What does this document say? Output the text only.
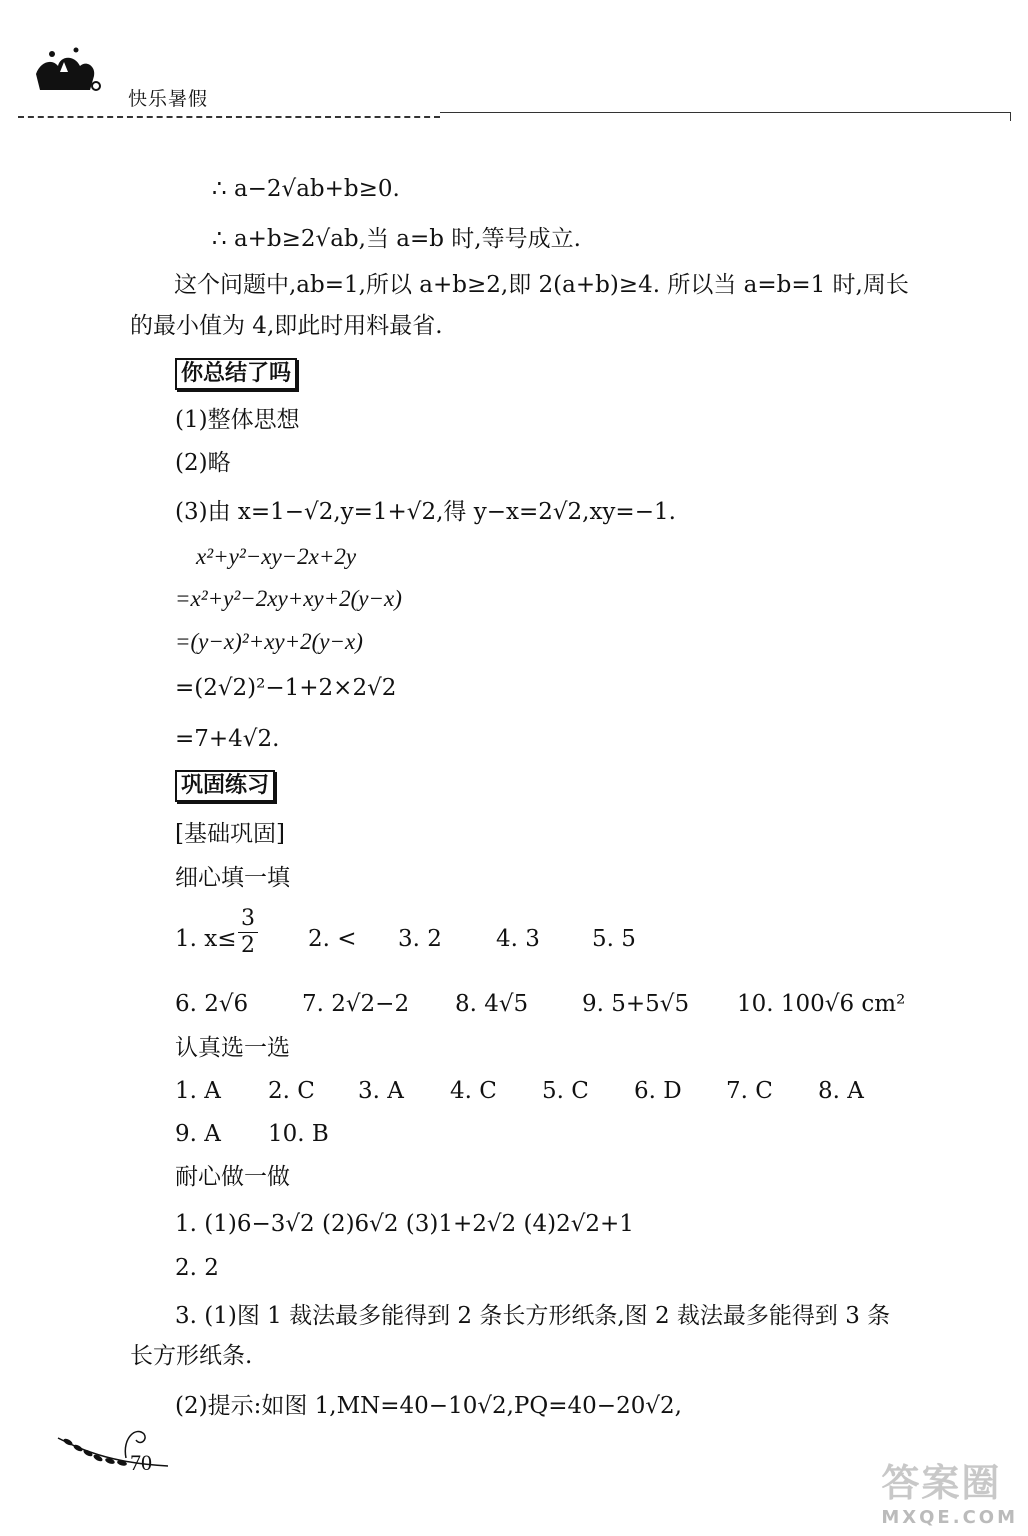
快乐暑假
∴ a−2√ab+b≥0.
∴ a+b≥2√ab,当 a=b 时,等号成立.
这个问题中,ab=1,所以 a+b≥2,即 2(a+b)≥4. 所以当 a=b=1 时,周长
的最小值为 4,即此时用料最省.
你总结了吗
(1)整体思想
(2)略
(3)由 x=1−√2,y=1+√2,得 y−x=2√2,xy=−1.
x²+y²−xy−2x+2y
=x²+y²−2xy+xy+2(y−x)
=(y−x)²+xy+2(y−x)
=(2√2)²−1+2×2√2
=7+4√2.
巩固练习
[基础巩固]
细心填一填
1. $x\le \frac{3}{2} 2$. < 3. 2 4. 3 5. 5
6. 2√6 7. 2√2−2 8. 4√5 9. 5+5√5 10. 100√6 cm²
认真选一选
1. A 2. C 3. A 4. C 5. C 6. D 7. C 8. A
9. A 10. B
耐心做一做
1. (1)6−3√2 (2)6√2 (3)1+2√2 (4)2√2+1
2. 2
3. (1)图 1 裁法最多能得到 2 条长方形纸条,图 2 裁法最多能得到 3 条
长方形纸条.
(2)提示:如图 1,MN=40−10√2,PQ=40−20√2,
70	答案圈
MXQE.COM
